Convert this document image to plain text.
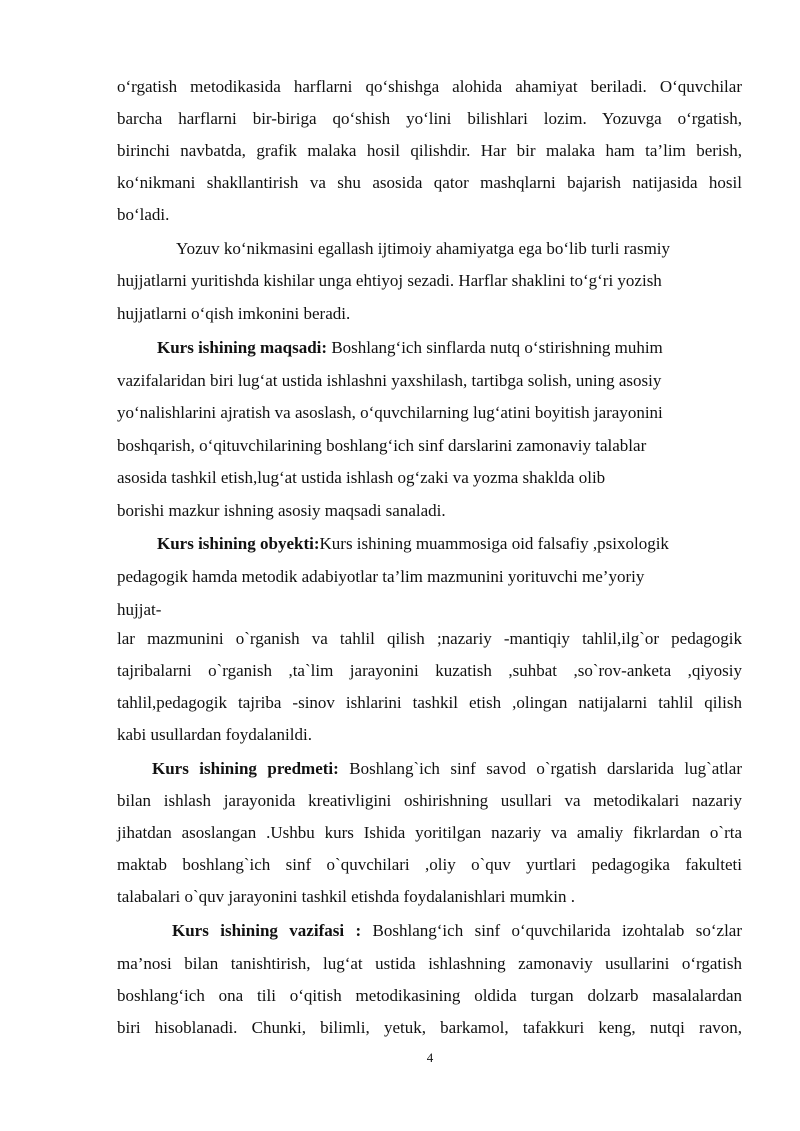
o‘rgatish metodikasida harflarni qo‘shishga alohida ahamiyat beriladi. O‘quvchilar
barcha harflarni bir-biriga qo‘shish yo‘lini bilishlari lozim. Yozuvga o‘rgatish,
birinchi navbatda, grafik malaka hosil qilishdir. Har bir malaka ham ta’lim berish,
ko‘nikmani shakllantirish va shu asosida qator mashqlarni bajarish natijasida hosil
bo‘ladi.
Yozuv ko‘nikmasini egallash ijtimoiy ahamiyatga ega bo‘lib turli rasmiy
hujjatlarni yuritishda kishilar unga ehtiyoj sezadi. Harflar shaklini to‘g‘ri yozish
hujjatlarni o‘qish imkonini beradi.
Kurs ishining maqsadi: Boshlang‘ich sinflarda nutq o‘stirishning muhim
vazifalaridan biri lug‘at ustida ishlashni yaxshilash, tartibga solish, uning asosiy
yo‘nalishlarini ajratish va asoslash, o‘quvchilarning lug‘atini boyitish jarayonini
boshqarish, o‘qituvchilarining boshlang‘ich sinf darslarini zamonaviy talablar
asosida tashkil etish,lug‘at ustida ishlash og‘zaki va yozma shaklda olib
borishi mazkur ishning asosiy maqsadi sanaladi.
Kurs ishining obyekti:Kurs ishining muammosiga oid falsafiy ,psixologik
pedagogik hamda metodik adabiyotlar ta’lim mazmunini yorituvchi me’yoriy
hujjat-
lar mazmunini o`rganish va tahlil qilish ;nazariy -mantiqiy tahlil,ilg`or pedagogik
tajribalarni o`rganish ,ta`lim jarayonini kuzatish ,suhbat ,so`rov-anketa ,qiyosiy
tahlil,pedagogik tajriba -sinov ishlarini tashkil etish ,olingan natijalarni tahlil qilish
kabi usullardan foydalanildi.
Kurs ishining predmeti: Boshlang`ich sinf savod o`rgatish darslarida lug`atlar
bilan ishlash jarayonida kreativligini oshirishning usullari va metodikalari nazariy
jihatdan asoslangan .Ushbu kurs Ishida yoritilgan nazariy va amaliy fikrlardan o`rta
maktab boshlang`ich sinf o`quvchilari ,oliy o`quv yurtlari pedagogika fakulteti
talabalari o`quv jarayonini tashkil etishda foydalanishlari mumkin .
Kurs ishining vazifasi : Boshlang‘ich sinf o‘quvchilarida izohtalab so‘zlar
ma’nosi bilan tanishtirish, lug‘at ustida ishlashning zamonaviy usullarini o‘rgatish
boshlang‘ich ona tili o‘qitish metodikasining oldida turgan dolzarb masalalardan
biri hisoblanadi. Chunki, bilimli, yetuk, barkamol, tafakkuri keng, nutqi ravon,
4
